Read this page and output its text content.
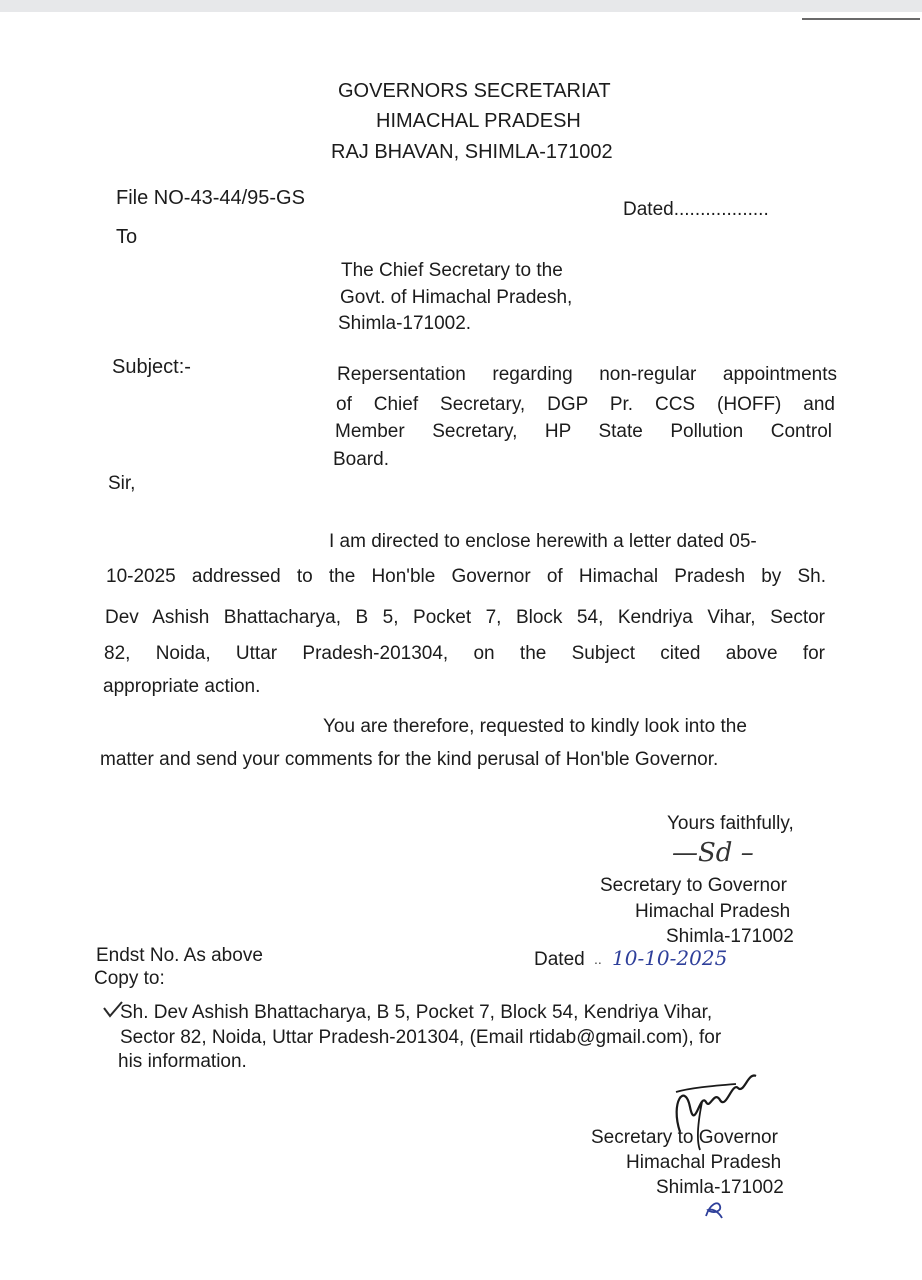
GOVERNORS SECRETARIAT
HIMACHAL PRADESH
RAJ BHAVAN, SHIMLA-171002
File NO-43-44/95-GS
Dated..................
To
The Chief Secretary to the
Govt. of Himachal Pradesh,
Shimla-171002.
Subject:-	Repersentation regarding non-regular appointments
of Chief Secretary, DGP Pr. CCS (HOFF) and
Member Secretary, HP State Pollution Control
Board.
Sir,
I am directed to enclose herewith a letter dated 05-
10-2025 addressed to the Hon'ble Governor of Himachal Pradesh by Sh.
Dev Ashish Bhattacharya, B 5, Pocket 7, Block 54, Kendriya Vihar, Sector
82, Noida, Uttar Pradesh-201304, on the Subject cited above for
appropriate action.
You are therefore, requested to kindly look into the
matter and send your comments for the kind perusal of Hon'ble Governor.
Yours faithfully,
—Sd –
Secretary to Governor
Himachal Pradesh
Shimla-171002
Endst No. As above	Dated 10-10-2025
..
Copy to:
Sh. Dev Ashish Bhattacharya, B 5, Pocket 7, Block 54, Kendriya Vihar,
Sector 82, Noida, Uttar Pradesh-201304, (Email rtidab@gmail.com), for
his information.
Secretary to Governor
Himachal Pradesh
Shimla-171002
